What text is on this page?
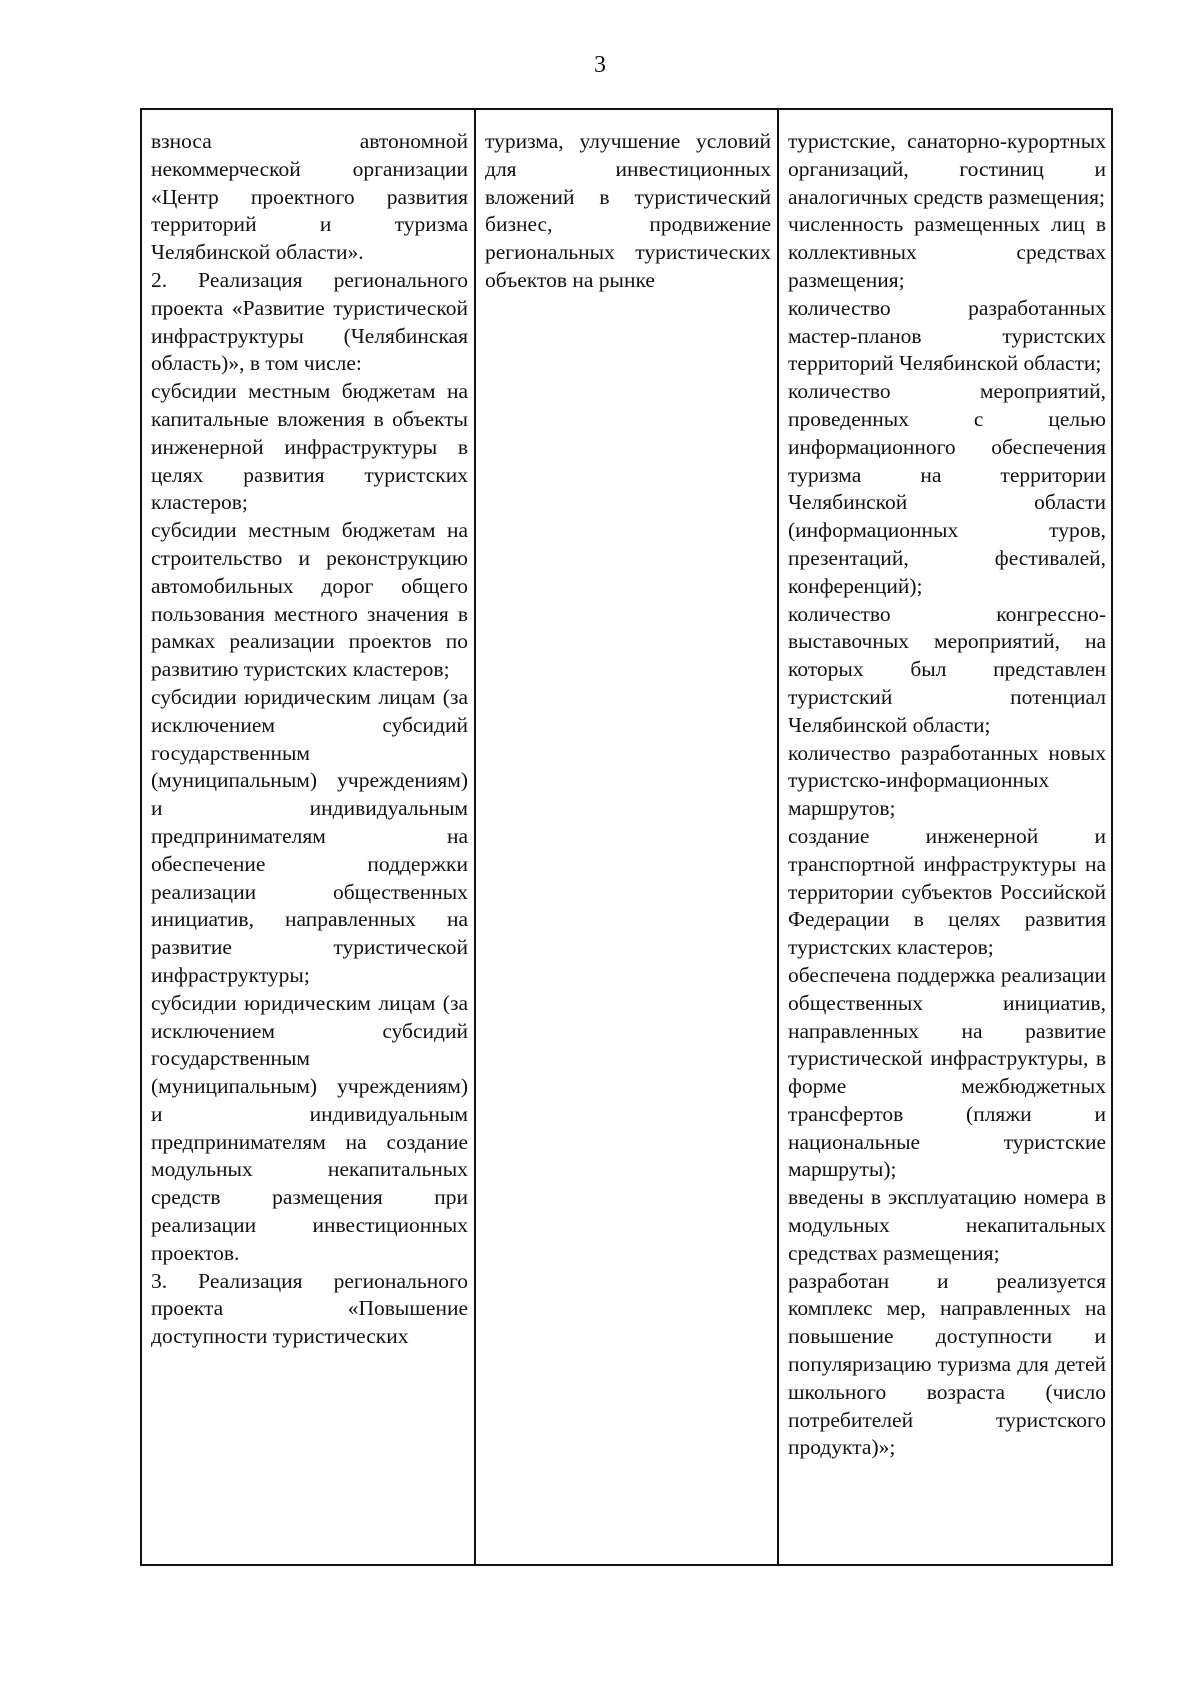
3
взноса автономной некоммерческой организации «Центр проектного развития территорий и туризма Челябинской области».
2. Реализация регионального проекта «Развитие туристической инфраструктуры (Челябинская область)», в том числе:
субсидии местным бюджетам на капитальные вложения в объекты инженерной инфраструктуры в целях развития туристских кластеров;
субсидии местным бюджетам на строительство и реконструкцию автомобильных дорог общего пользования местного значения в рамках реализации проектов по развитию туристских кластеров;
субсидии юридическим лицам (за исключением субсидий государственным (муниципальным) учреждениям) и индивидуальным предпринимателям на обеспечение поддержки реализации общественных инициатив, направленных на развитие туристической инфраструктуры;
субсидии юридическим лицам (за исключением субсидий государственным (муниципальным) учреждениям) и индивидуальным предпринимателям на создание модульных некапитальных средств размещения при реализации инвестиционных проектов.
3. Реализация регионального проекта «Повышение доступности туристических
туризма, улучшение условий для инвестиционных вложений в туристический бизнес, продвижение региональных туристических объектов на рынке
туристские, санаторно-курортных организаций, гостиниц и аналогичных средств размещения;
численность размещенных лиц в коллективных средствах размещения;
количество разработанных мастер-планов туристских территорий Челябинской области;
количество мероприятий, проведенных с целью информационного обеспечения туризма на территории Челябинской области (информационных туров, презентаций, фестивалей, конференций);
количество конгрессно-выставочных мероприятий, на которых был представлен туристский потенциал Челябинской области;
количество разработанных новых туристско-информационных маршрутов;
создание инженерной и транспортной инфраструктуры на территории субъектов Российской Федерации в целях развития туристских кластеров;
обеспечена поддержка реализации общественных инициатив, направленных на развитие туристической инфраструктуры, в форме межбюджетных трансфертов (пляжи и национальные туристские маршруты);
введены в эксплуатацию номера в модульных некапитальных средствах размещения;
разработан и реализуется комплекс мер, направленных на повышение доступности и популяризацию туризма для детей школьного возраста (число потребителей туристского продукта)»;
